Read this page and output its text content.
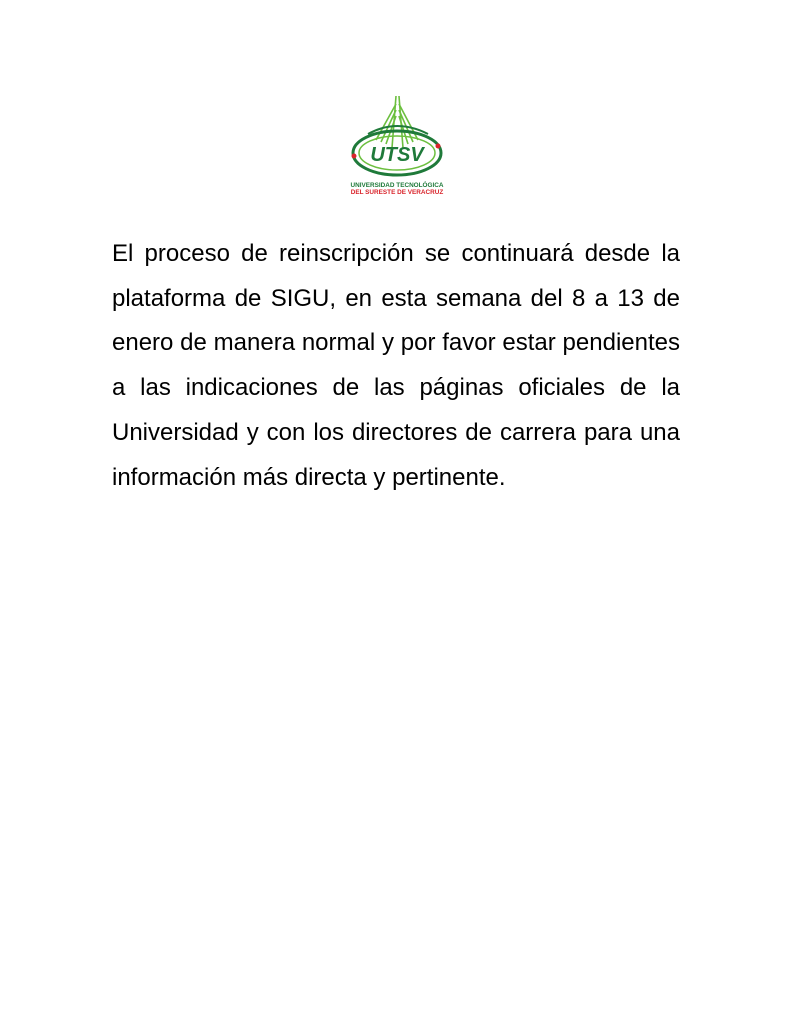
UTSV
UNIVERSIDAD TECNOLÓGICA
DEL SURESTE DE VERACRUZ

El proceso de reinscripción se continuará desde la plataforma de SIGU, en esta semana del 8 a 13 de enero de manera normal y por favor estar pendientes a las indicaciones de las páginas oficiales de la Universidad y con los directores de carrera para una información más directa y pertinente.
